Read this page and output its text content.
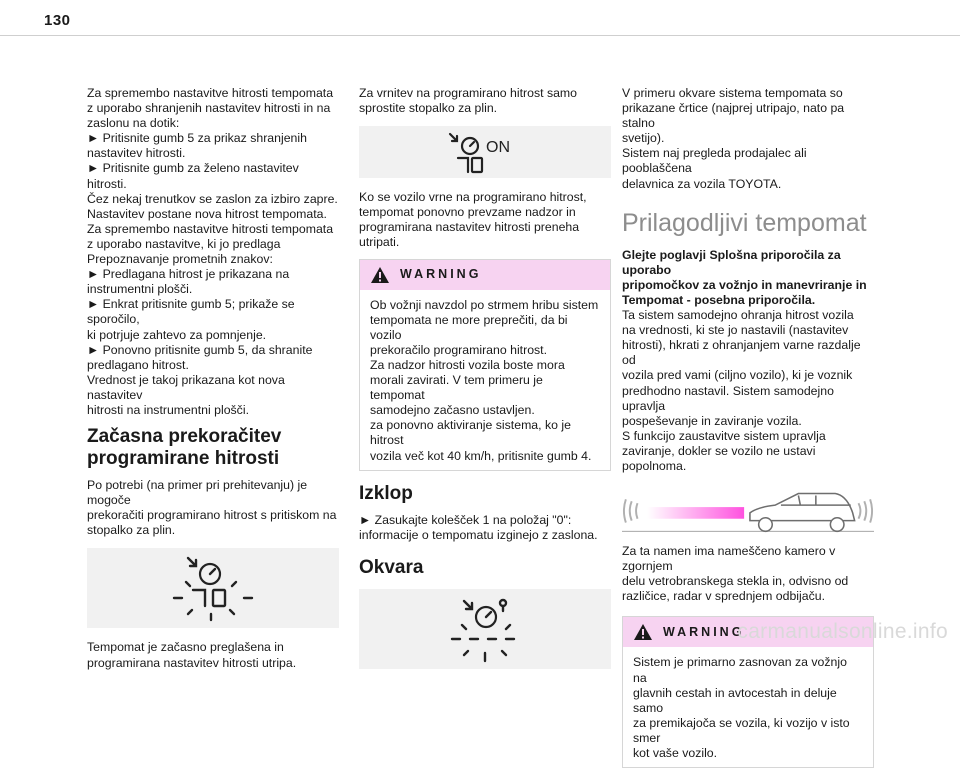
130

Za spremembo nastavitve hitrosti tempomata
z uporabo shranjenih nastavitev hitrosti in na
zaslonu na dotik:
► Pritisnite gumb 5 za prikaz shranjenih
nastavitev hitrosti.
► Pritisnite gumb za želeno nastavitev hitrosti.
Čez nekaj trenutkov se zaslon za izbiro zapre.
Nastavitev postane nova hitrost tempomata.
Za spremembo nastavitve hitrosti tempomata
z uporabo nastavitve, ki jo predlaga
Prepoznavanje prometnih znakov:
► Predlagana hitrost je prikazana na
instrumentni plošči.
► Enkrat pritisnite gumb 5; prikaže se sporočilo,
ki potrjuje zahtevo za pomnjenje.
► Ponovno pritisnite gumb 5, da shranite
predlagano hitrost.
Vrednost je takoj prikazana kot nova nastavitev
hitrosti na instrumentni plošči.

Začasna prekoračitev
programirane hitrosti

Po potrebi (na primer pri prehitevanju) je mogoče
prekoračiti programirano hitrost s pritiskom na
stopalko za plin.

Tempomat je začasno preglašena in
programirana nastavitev hitrosti utripa.

Za vrnitev na programirano hitrost samo
sprostite stopalko za plin.

ON

Ko se vozilo vrne na programirano hitrost,
tempomat ponovno prevzame nadzor in
programirana nastavitev hitrosti preneha utripati.

WARNING
Ob vožnji navzdol po strmem hribu sistem
tempomata ne more preprečiti, da bi vozilo
prekoračilo programirano hitrost.
Za nadzor hitrosti vozila boste mora
morali zavirati. V tem primeru je tempomat
samodejno začasno ustavljen.
za ponovno aktiviranje sistema, ko je hitrost
vozila več kot 40 km/h, pritisnite gumb 4.
Izklop

► Zasukajte kolešček 1 na položaj "0":
informacije o tempomatu izginejo z zaslona.

Okvara

V primeru okvare sistema tempomata so
prikazane črtice (najprej utripajo, nato pa stalno
svetijo).
Sistem naj pregleda prodajalec ali pooblaščena
delavnica za vozila TOYOTA.

Prilagodljivi tempomat

Glejte poglavji Splošna priporočila za uporabo
pripomočkov za vožnjo in manevriranje in
Tempomat - posebna priporočila.

Ta sistem samodejno ohranja hitrost vozila
na vrednosti, ki ste jo nastavili (nastavitev
hitrosti), hkrati z ohranjanjem varne razdalje od
vozila pred vami (ciljno vozilo), ki je voznik
predhodno nastavil. Sistem samodejno upravlja
pospeševanje in zaviranje vozila.
S funkcijo zaustavitve sistem upravlja
zaviranje, dokler se vozilo ne ustavi popolnoma.

Za ta namen ima nameščeno kamero v zgornjem
delu vetrobranskega stekla in, odvisno od
različice, radar v sprednjem odbijaču.

WARNING
Sistem je primarno zasnovan za vožnjo na
glavnih cestah in avtocestah in deluje samo
za premikajoča se vozila, ki vozijo v isto smer
kot vaše vozilo.
carmanualsonline.info
